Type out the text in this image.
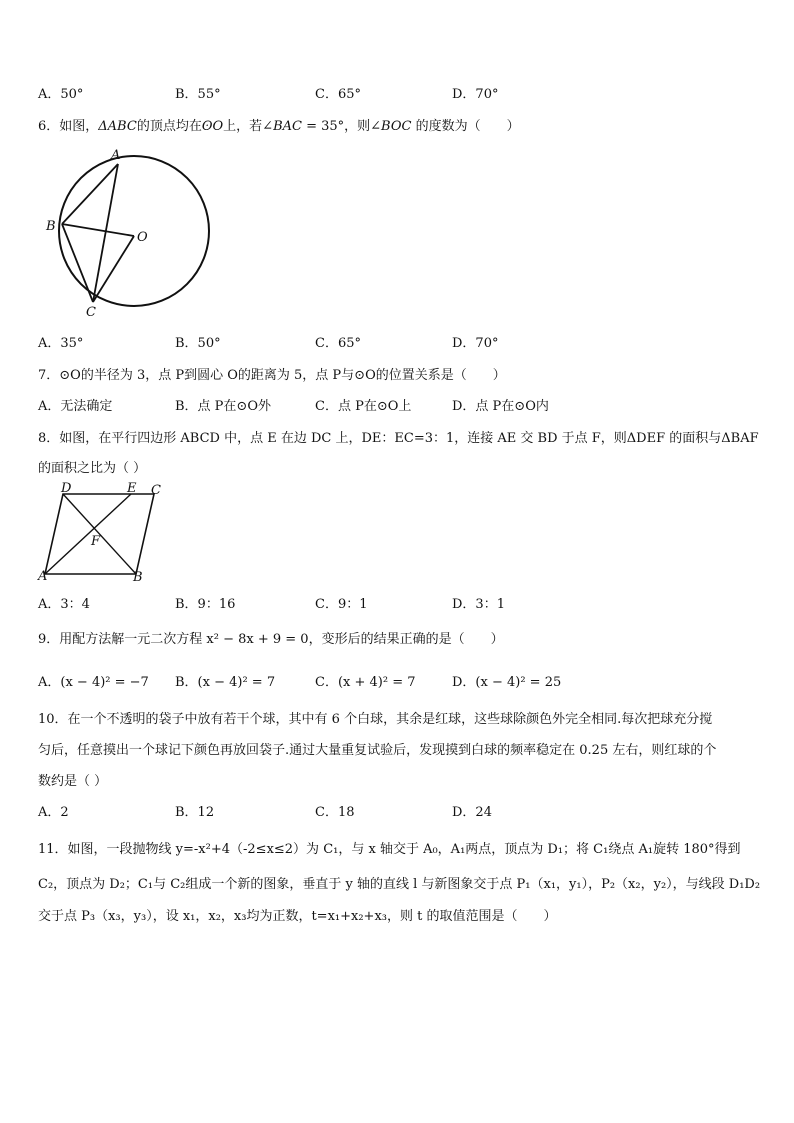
A．50°	B．55°	C．65°	D．70°
6．如图，ΔABC的顶点均在ʘO上，若∠BAC = 35°，则∠BOC 的度数为（　　）
A
B
C
O
A．35°	B．50°	C．65°	D．70°
7．⊙O的半径为 3，点 P到圆心 O的距离为 5，点 P与⊙O的位置关系是（　　）
A．无法确定	B．点 P在⊙O外	C．点 P在⊙O上	D．点 P在⊙O内
8．如图，在平行四边形 ABCD 中，点 E 在边 DC 上，DE：EC=3：1，连接 AE 交 BD 于点 F，则ΔDEF 的面积与ΔBAF
的面积之比为（ ）
D	E C
F
A	B
A．3：4	B．9：16	C．9：1	D．3：1
9．用配方法解一元二次方程 x² − 8x + 9 = 0，变形后的结果正确的是（　　）
A．(x − 4)² = −7 B．(x − 4)² = 7	C．(x + 4)² = 7	D．(x − 4)² = 25
10．在一个不透明的袋子中放有若干个球，其中有 6 个白球，其余是红球，这些球除颜色外完全相同.每次把球充分搅
匀后，任意摸出一个球记下颜色再放回袋子.通过大量重复试验后，发现摸到白球的频率稳定在 0.25 左右，则红球的个
数约是（ ）
A．2	B．12	C．18	D．24
11．如图，一段抛物线 y=-x²+4（-2≤x≤2）为 C₁，与 x 轴交于 A₀，A₁两点，顶点为 D₁；将 C₁绕点 A₁旋转 180°得到
C₂，顶点为 D₂；C₁与 C₂组成一个新的图象，垂直于 y 轴的直线 l 与新图象交于点 P₁（x₁，y₁），P₂（x₂，y₂），与线段 D₁D₂
交于点 P₃（x₃，y₃），设 x₁，x₂，x₃均为正数，t=x₁+x₂+x₃，则 t 的取值范围是（　　）
